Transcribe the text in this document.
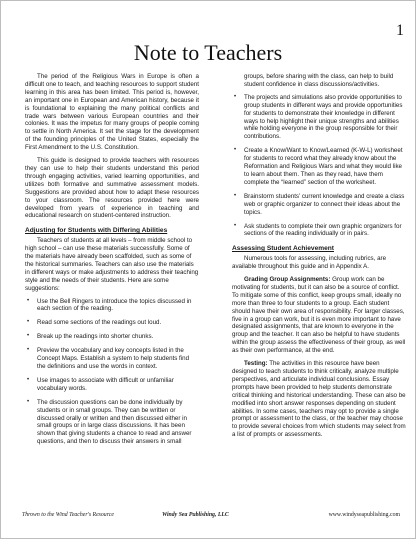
1
Note to Teachers

The period of the Religious Wars in Europe is often a difficult one to teach, and teaching resources to support student learning in this area has been limited. This period is, however, an important one in European and American history, because it is foundational to explaining the many political conflicts and trade wars between various European countries and their colonies. It was the impetus for many groups of people coming to settle in North America. It set the stage for the development of the founding principles of the United States, especially the First Amendment to the U.S. Constitution.

This guide is designed to provide teachers with resources they can use to help their students understand this period through engaging activities, varied learning opportunities, and utilizes both formative and summative assessment models. Suggestions are provided about how to adapt these resources to your classroom. The resources provided here were developed from years of experience in teaching and educational research on student-centered instruction.

Adjusting for Students with Differing Abilities

Teachers of students at all levels – from middle school to high school – can use these materials successfully. Some of the materials have already been scaffolded, such as some of the historical summaries. Teachers can also use the materials in different ways or make adjustments to address their teaching style and the needs of their students. Here are some suggestions:

• Use the Bell Ringers to introduce the topics discussed in each section of the reading.
• Read some sections of the readings out loud.
• Break up the readings into shorter chunks.
• Preview the vocabulary and key concepts listed in the Concept Maps. Establish a system to help students find the definitions and use the words in context.
• Use images to associate with difficult or unfamiliar vocabulary words.
• The discussion questions can be done individually by students or in small groups. They can be written or discussed orally or written and then discussed either in small groups or in large class discussions. It has been shown that giving students a chance to read and answer questions, and then to discuss their answers in small

groups, before sharing with the class, can help to build student confidence in class discussions/activities.

• The projects and simulations also provide opportunities to group students in different ways and provide opportunities for students to demonstrate their knowledge in different ways to help highlight their unique strengths and abilities while holding everyone in the group responsible for their contributions.
• Create a Know/Want to Know/Learned (K-W-L) worksheet for students to record what they already know about the Reformation and Religious Wars and what they would like to learn about them. Then as they read, have them complete the “learned” section of the worksheet.
• Brainstorm students’ current knowledge and create a class web or graphic organizer to connect their ideas about the topics.
• Ask students to complete their own graphic organizers for sections of the reading individually or in pairs.
Assessing Student Achievement

Numerous tools for assessing, including rubrics, are available throughout this guide and in Appendix A.

Grading Group Assignments: Group work can be motivating for students, but it can also be a source of conflict. To mitigate some of this conflict, keep groups small, ideally no more than three to four students to a group. Each student should have their own area of responsibility. For larger classes, five in a group can work, but it is even more important to have designated assignments, that are known to everyone in the group and the teacher. It can also be helpful to have students within the group assess the effectiveness of their group, as well as their own performance, at the end.

Testing: The activities in this resource have been designed to teach students to think critically, analyze multiple perspectives, and articulate individual conclusions. Essay prompts have been provided to help students demonstrate critical thinking and historical understanding. These can also be modified into short answer responses depending on student abilities. In some cases, teachers may opt to provide a single prompt or assessment to the class, or the teacher may choose to provide several choices from which students may select from a list of prompts or assessments.

Thrown to the Wind Teacher's Resource	Windy Sea Publishing, LLC	www.windyseapublishing.com
